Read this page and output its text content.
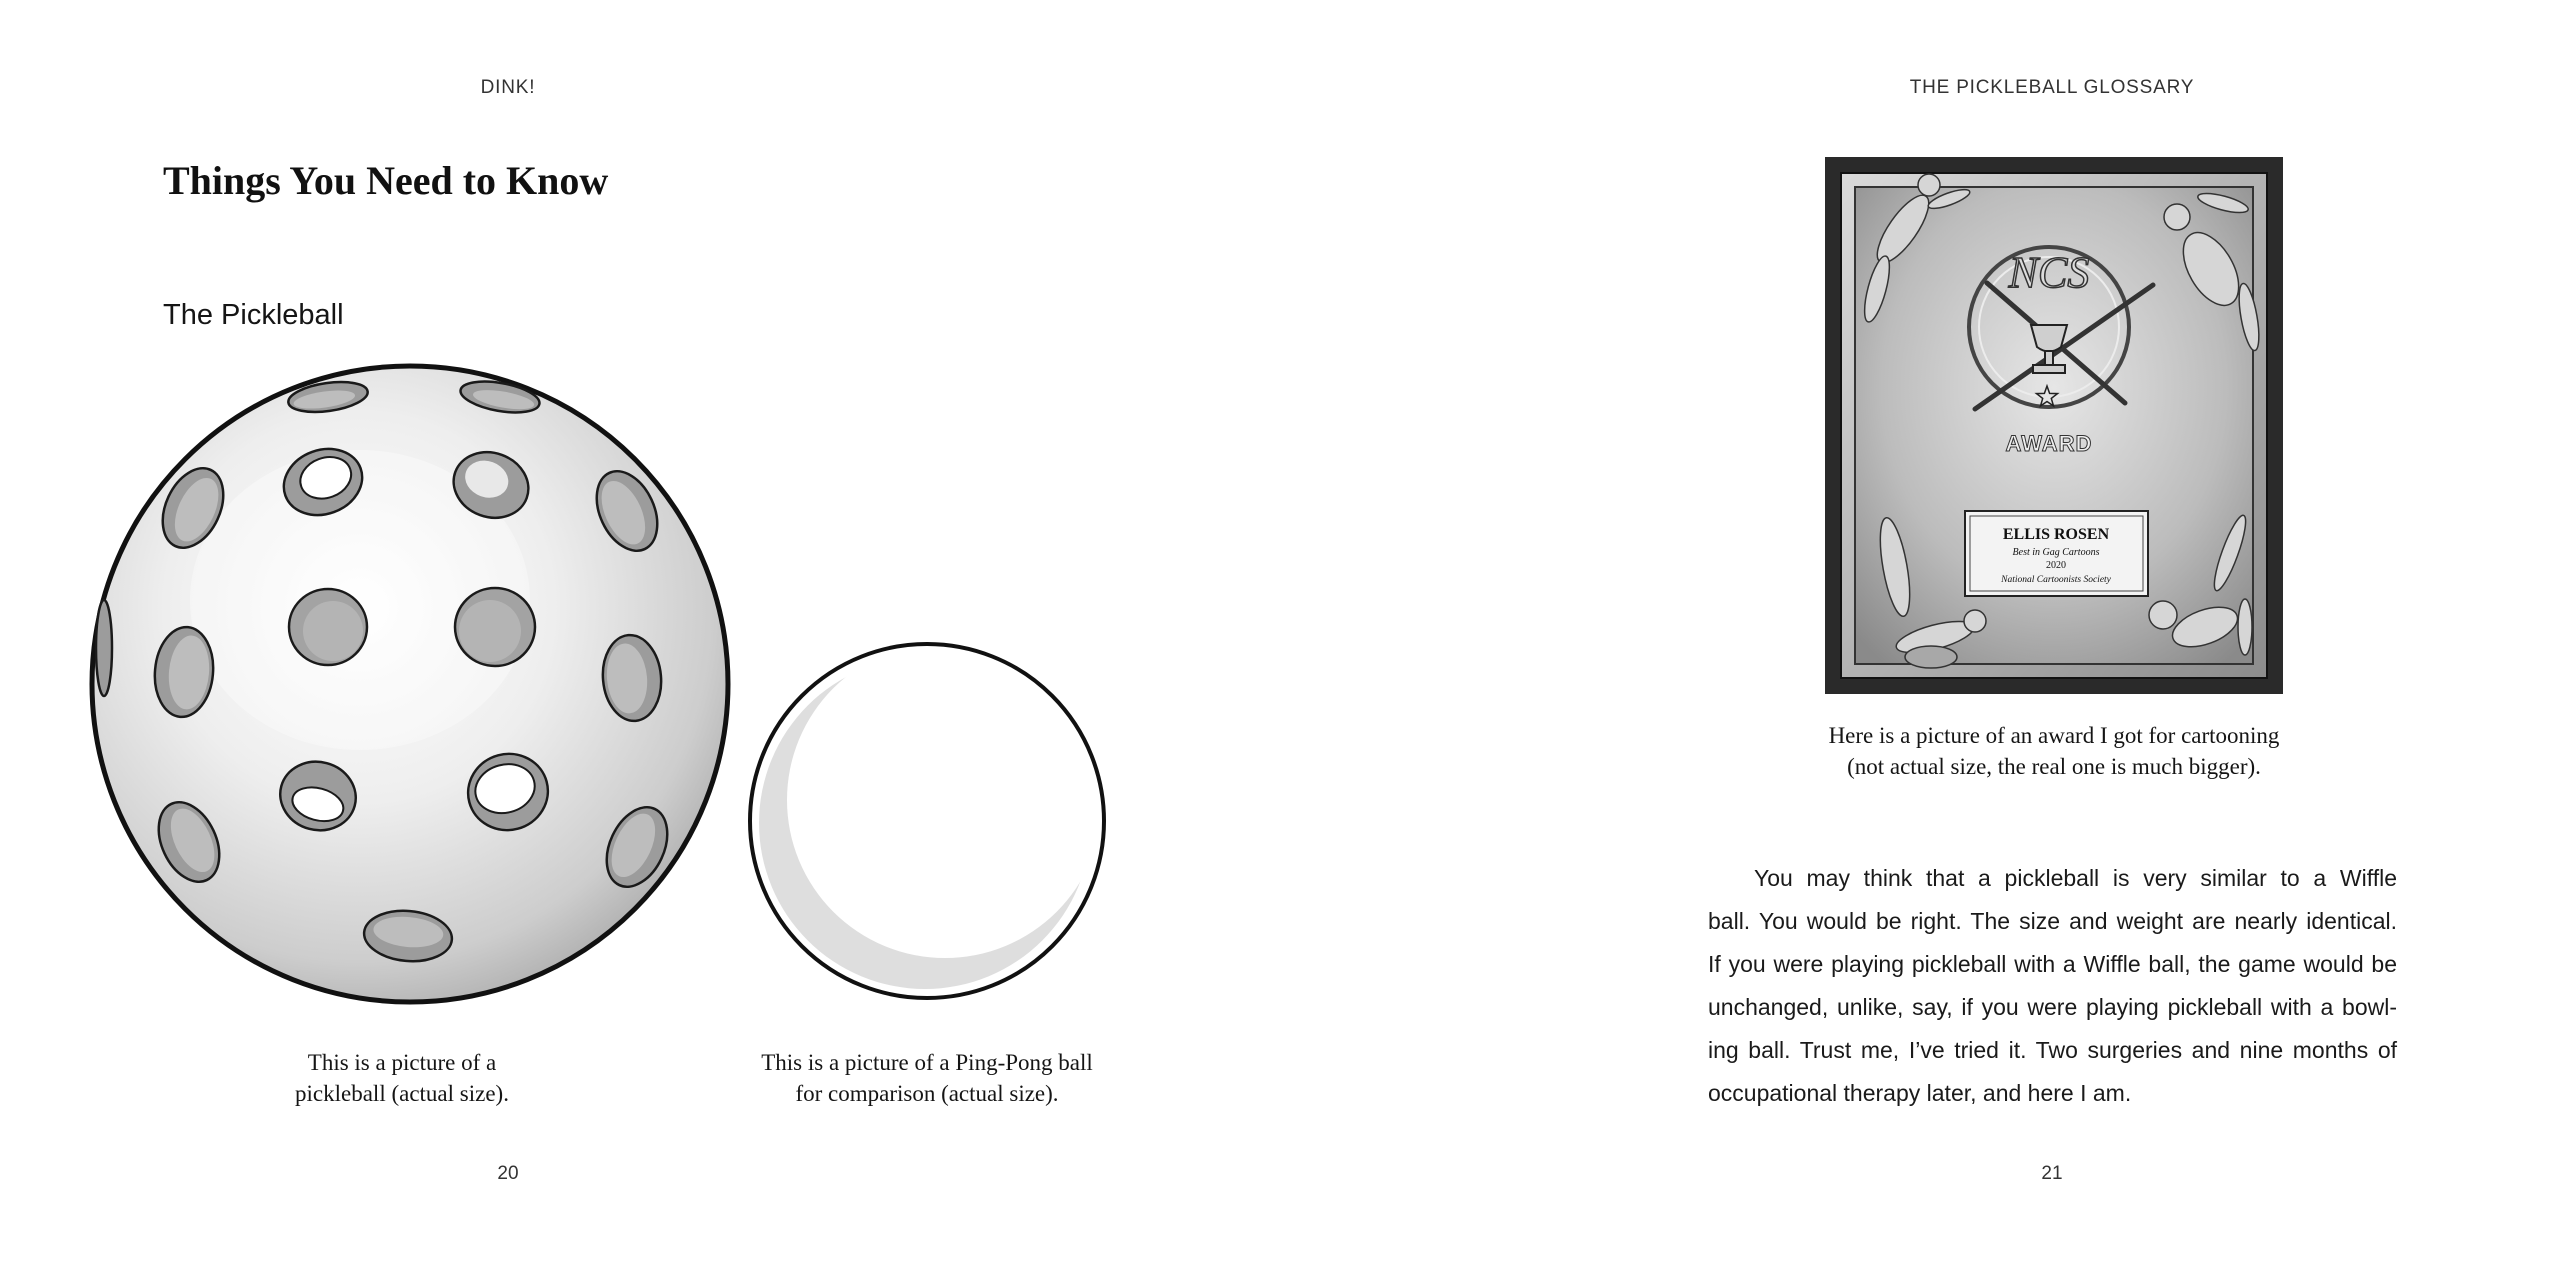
NCS
AWARD
ELLIS ROSEN
Best in Gag Cartoons
2020
National Cartoonists Society
DINK!
Things You Need to Know
The Pickleball
This is a picture of a
pickleball (actual size).
This is a picture of a Ping-Pong ball
for comparison (actual size).
20
THE PICKLEBALL GLOSSARY
Here is a picture of an award I got for cartooning
(not actual size, the real one is much bigger).
You may think that a pickleball is very similar to a Wiffle
ball. You would be right. The size and weight are nearly identical.
If you were playing pickleball with a Wiffle ball, the game would be
unchanged, unlike, say, if you were playing pickleball with a bowl-
ing ball. Trust me, I’ve tried it. Two surgeries and nine months of
occupational therapy later, and here I am.
21
